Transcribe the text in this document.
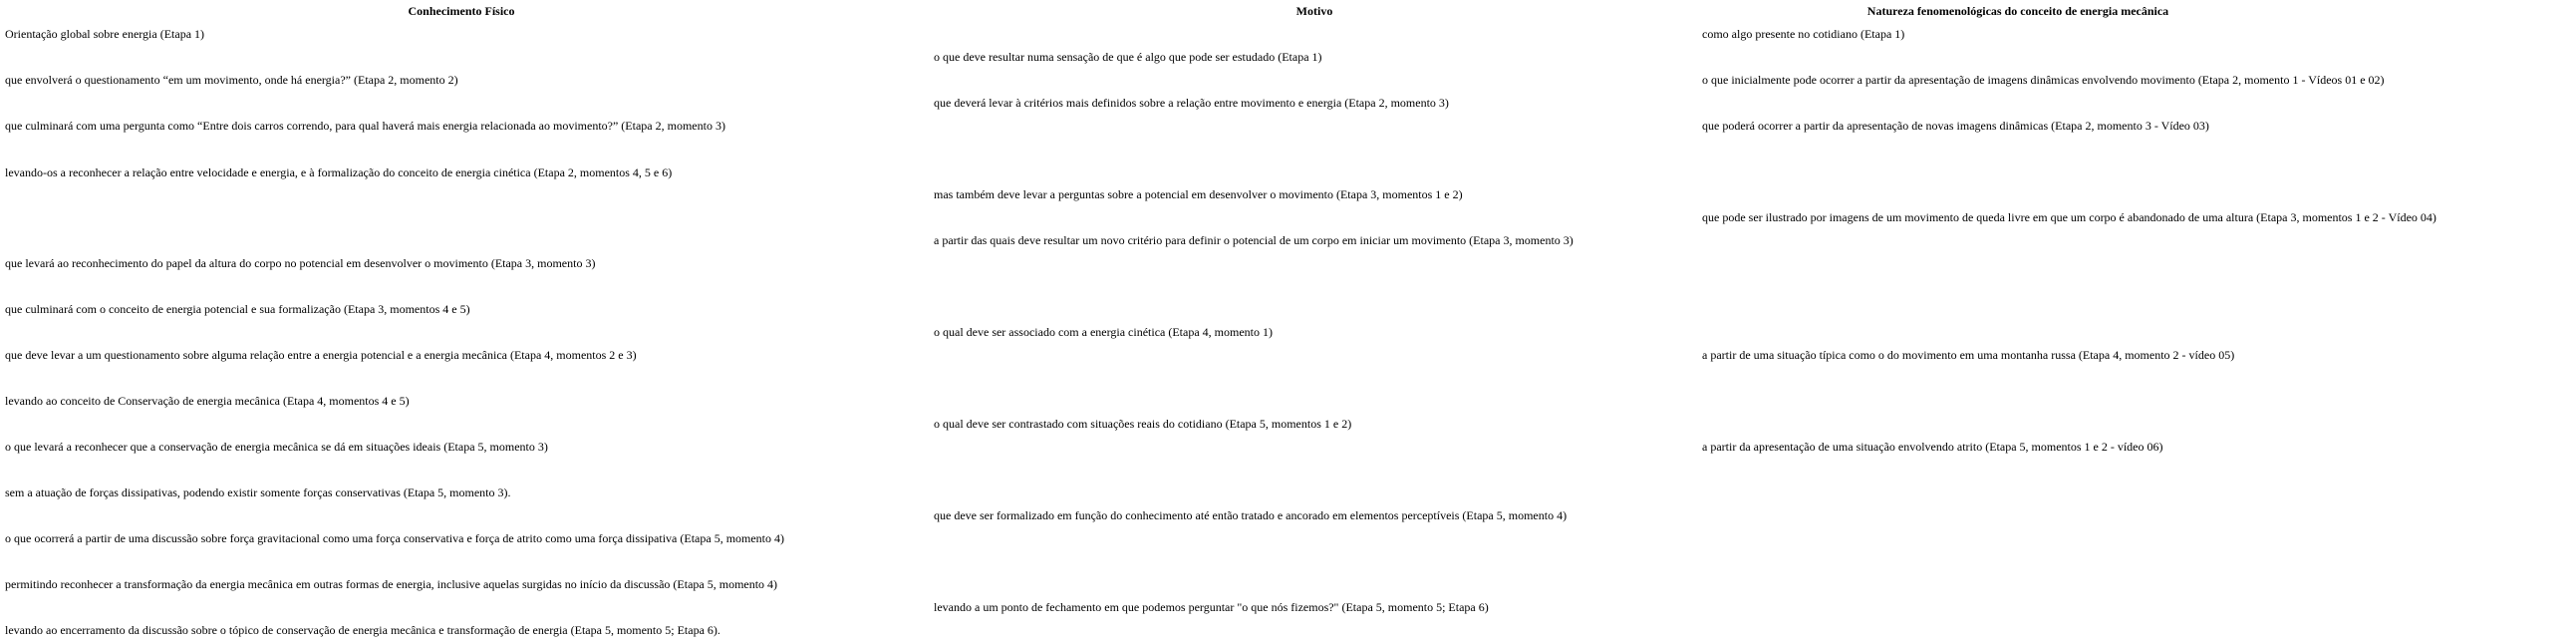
Conhecimento Físico	Motivo	Natureza fenomenológicas do conceito de energia mecânica
Orientação global sobre energia (Etapa 1)
que envolverá o questionamento “em um movimento, onde há energia?” (Etapa 2, momento 2)
que culminará com uma pergunta como “Entre dois carros correndo, para qual haverá mais energia relacionada ao movimento?” (Etapa 2, momento 3)
levando-os a reconhecer a relação entre velocidade e energia, e à formalização do conceito de energia cinética (Etapa 2, momentos 4, 5 e 6)
que levará ao reconhecimento do papel da altura do corpo no potencial em desenvolver o movimento (Etapa 3, momento 3)
que culminará com o conceito de energia potencial e sua formalização (Etapa 3, momentos 4 e 5)
que deve levar a um questionamento sobre alguma relação entre a energia potencial e a energia mecânica (Etapa 4, momentos 2 e 3)
levando ao conceito de Conservação de energia mecânica (Etapa 4, momentos 4 e 5)
o que levará a reconhecer que a conservação de energia mecânica se dá em situações ideais (Etapa 5, momento 3)
sem a atuação de forças dissipativas, podendo existir somente forças conservativas (Etapa 5, momento 3).
o que ocorrerá a partir de uma discussão sobre força gravitacional como uma força conservativa e força de atrito como uma força dissipativa (Etapa 5, momento 4)
permitindo reconhecer a transformação da energia mecânica em outras formas de energia, inclusive aquelas surgidas no início da discussão (Etapa 5, momento 4)
levando ao encerramento da discussão sobre o tópico de conservação de energia mecânica e transformação de energia (Etapa 5, momento 5; Etapa 6).
o que deve resultar numa sensação de que é algo que pode ser estudado (Etapa 1)
que deverá levar à critérios mais definidos sobre a relação entre movimento e energia (Etapa 2, momento 3)
mas também deve levar a perguntas sobre a potencial em desenvolver o movimento (Etapa 3, momentos 1 e 2)
a partir das quais deve resultar um novo critério para definir o potencial de um corpo em iniciar um movimento (Etapa 3, momento 3)
o qual deve ser associado com a energia cinética (Etapa 4, momento 1)
o qual deve ser contrastado com situações reais do cotidiano (Etapa 5, momentos 1 e 2)
que deve ser formalizado em função do conhecimento até então tratado e ancorado em elementos perceptíveis (Etapa 5, momento 4)
levando a um ponto de fechamento em que podemos perguntar "o que nós fizemos?" (Etapa 5, momento 5; Etapa 6)
como algo presente no cotidiano (Etapa 1)
o que inicialmente pode ocorrer a partir da apresentação de imagens dinâmicas envolvendo movimento (Etapa 2, momento 1 - Vídeos 01 e 02)
que poderá ocorrer a partir da apresentação de novas imagens dinâmicas (Etapa 2, momento 3 - Vídeo 03)
que pode ser ilustrado por imagens de um movimento de queda livre em que um corpo é abandonado de uma altura (Etapa 3, momentos 1 e 2 - Vídeo 04)
a partir de uma situação típica como o do movimento em uma montanha russa (Etapa 4, momento 2 - vídeo 05)
a partir da apresentação de uma situação envolvendo atrito (Etapa 5, momentos 1 e 2 - vídeo 06)
